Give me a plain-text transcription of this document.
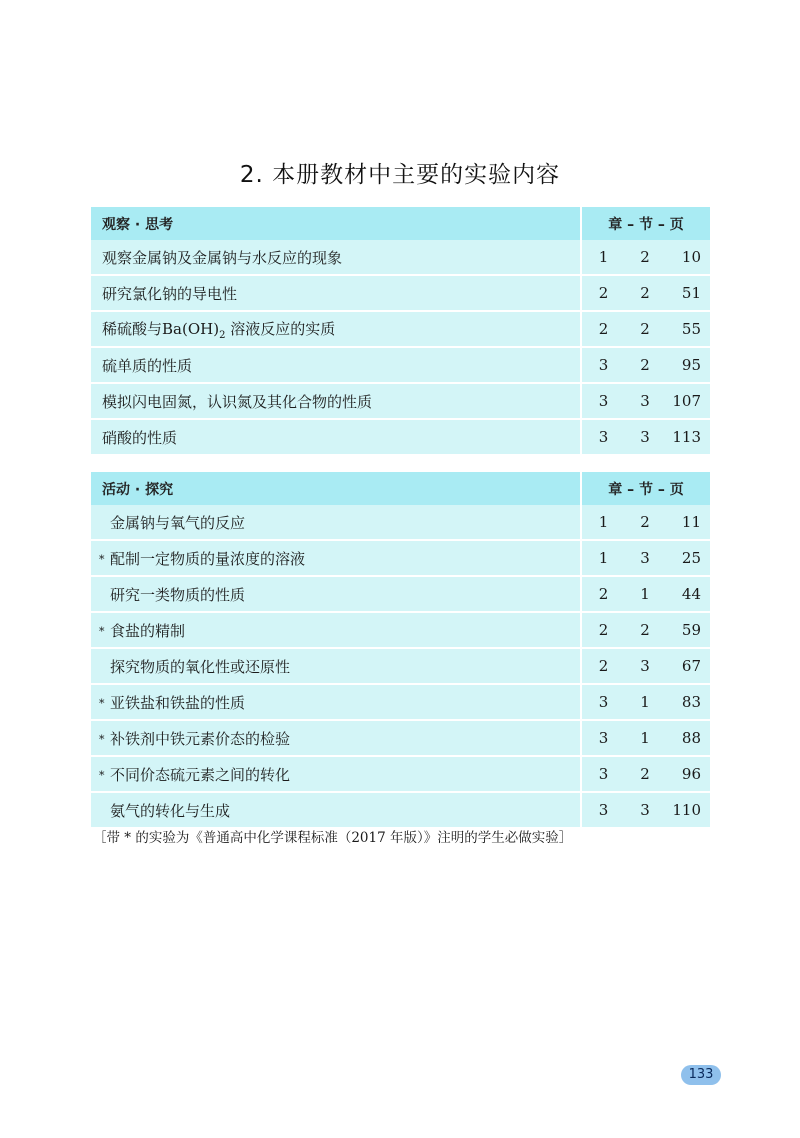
2. 本册教材中主要的实验内容
观察 · 思考	章 – 节 – 页		
观察金属钠及金属钠与水反应的现象	1	2	10
研究氯化钠的导电性	2	2	51
稀硫酸与$Ba(OH)_2$ 溶液反应的实质	2	2	55
硫单质的性质	3	2	95
模拟闪电固氮，认识氮及其化合物的性质	3	3	107
硝酸的性质	3	3	113
活动 · 探究	章 – 节 – 页		
金属钠与氧气的反应	1	2	11
* 配制一定物质的量浓度的溶液	1	3	25
研究一类物质的性质	2	1	44
* 食盐的精制	2	2	59
探究物质的氧化性或还原性	2	3	67
* 亚铁盐和铁盐的性质	3	1	83
* 补铁剂中铁元素价态的检验	3	1	88
* 不同价态硫元素之间的转化	3	2	96
氨气的转化与生成	3	3	110
［带 * 的实验为《普通高中化学课程标准（2017 年版）》注明的学生必做实验］
133
